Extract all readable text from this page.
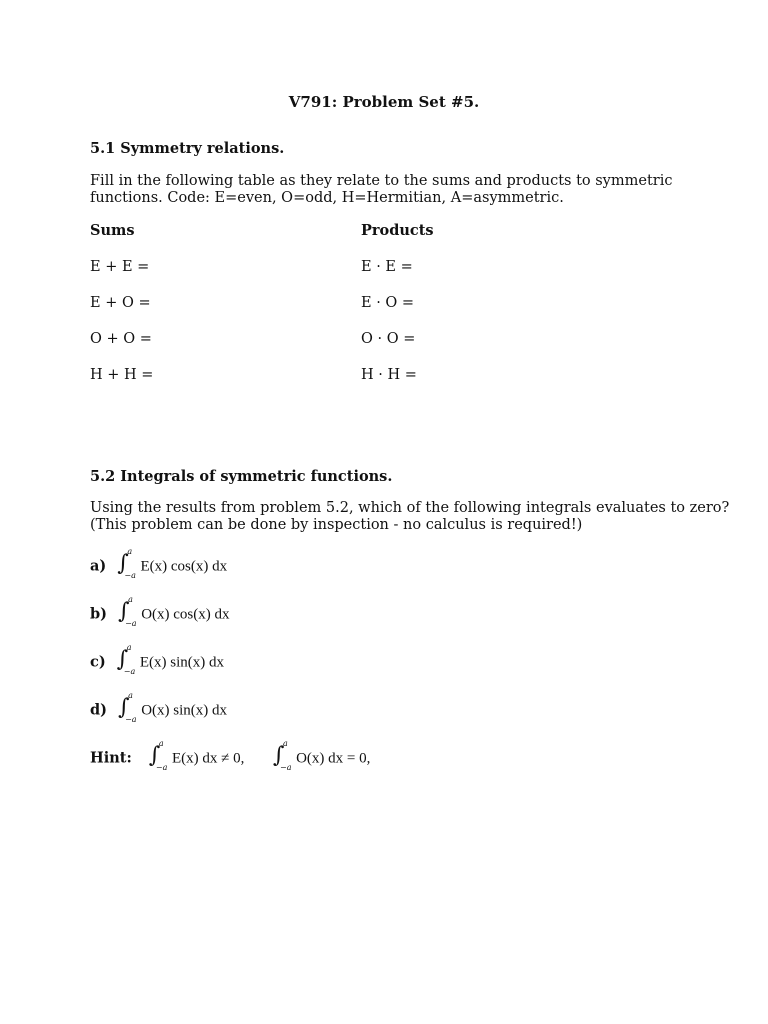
V791: Problem Set #5.
5.1 Symmetry relations.
Fill in the following table as they relate to the sums and products to symmetric
functions. Code: E=even, O=odd, H=Hermitian, A=asymmetric.
Sums	Products
E + E =
E + O =
O + O =
H + H =
E · E =
E · O =
O · O =
H · H =
5.2 Integrals of symmetric functions.
Using the results from problem 5.2, which of the following integrals evaluates to zero?
(This problem can be done by inspection - no calculus is required!)
a) ∫
a
−a
E(x) cos(x) dx
b) ∫
a
−a
O(x) cos(x) dx
c) ∫
a
−a
E(x) sin(x) dx
d) ∫
a
−a
O(x) sin(x) dx
Hint: ∫
a
−a
E(x) dx ≠ 0, ∫
a
−a
O(x) dx = 0,
